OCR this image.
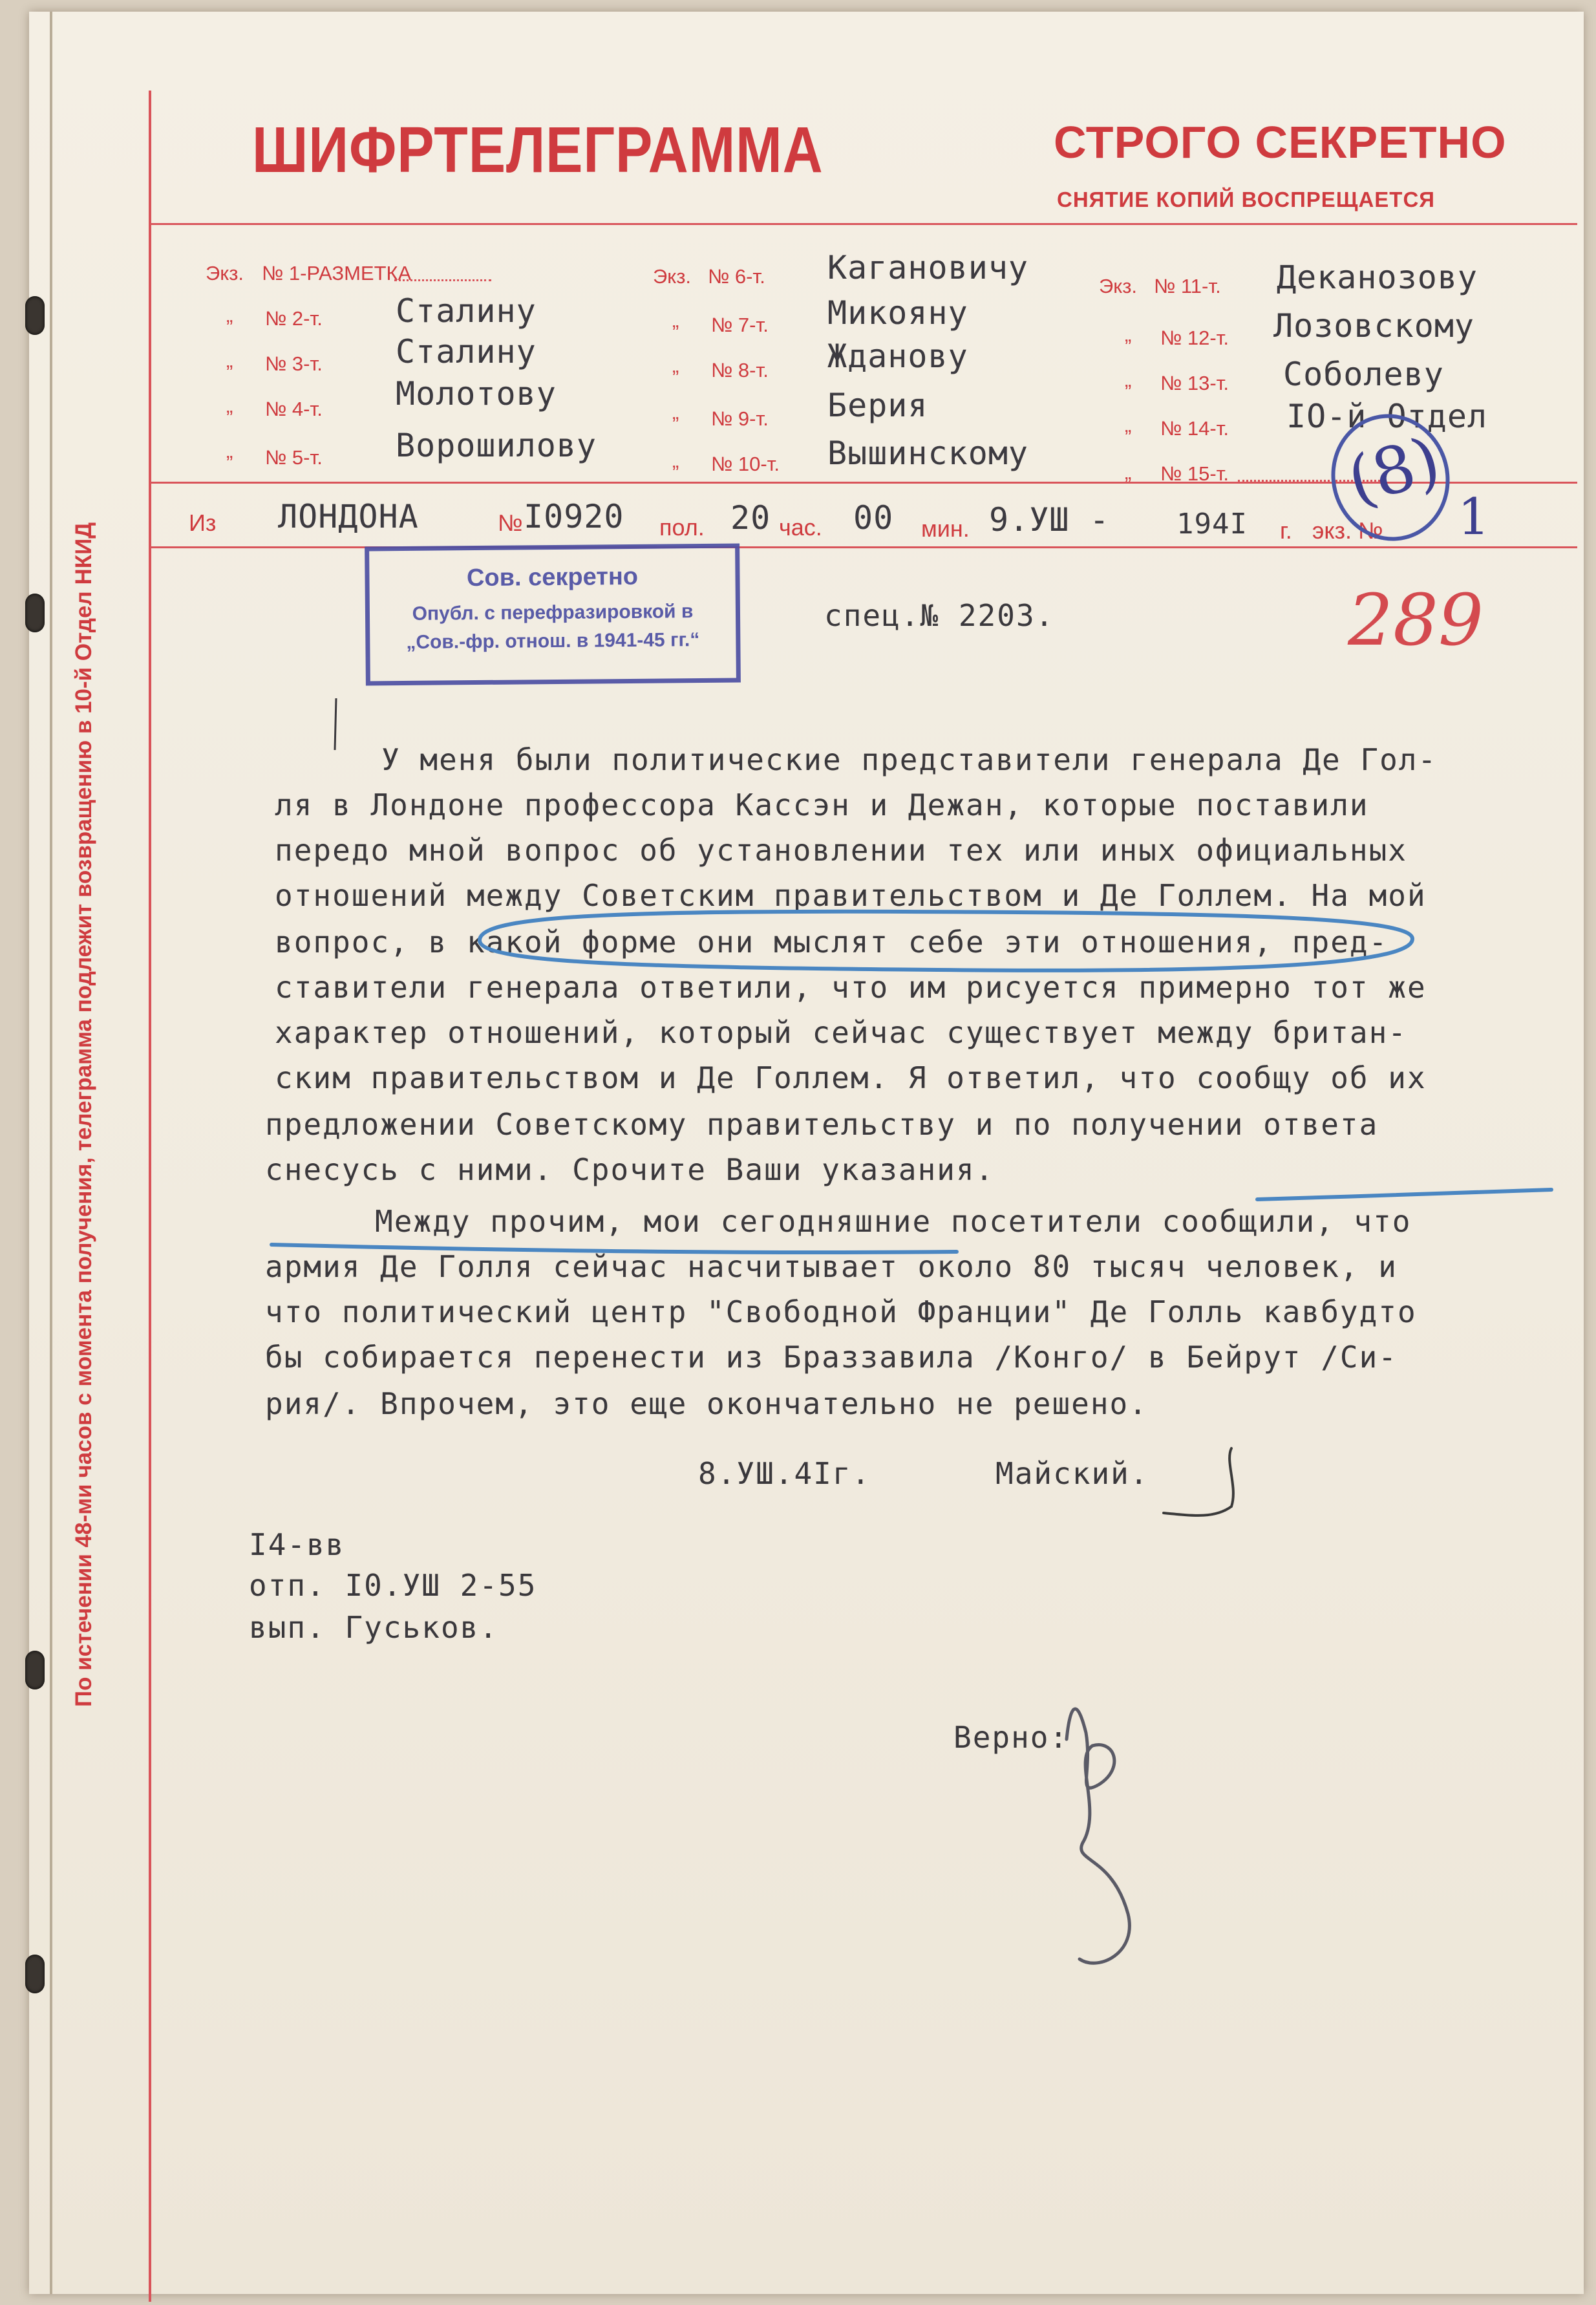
ШИФРТЕЛЕГРАММА	СТРОГО СЕКРЕТНО
СНЯТИЕ КОПИЙ ВОСПРЕЩАЕТСЯ
По истечении 48-ми часов с момента получения, телеграмма подлежит возвращению в 10-й Отдел НКИД
Экз. № 1-РАЗМЕТКА
„ № 2-т. Сталину
„ № 3-т. Сталину
„ № 4-т. Молотову
„ № 5-т. Ворошилову
Экз. № 6-т. Кагановичу
„ № 7-т. Микояну
„ № 8-т. Жданову
„ № 9-т. Берия
„ № 10-т. Вышинскому
Экз. № 11-т. Деканозову
„ № 12-т. Лозовскому
„ № 13-т. Соболеву
„ № 14-т. IO-й Отдел
„ № 15-т.
Из ЛОНДОНА	№ I0920 пол. 20 час. 00 мин. 9.УШ - 194I г. экз. № 1
(8)
Сов. секретно
Опубл. с перефразировкой в
„Сов.-фр. отнош. в 1941-45 гг.“
спец.№ 2203.	289
У меня были политические представители генерала Де Гол-
ля в Лондоне профессора Кассэн и Дежан, которые поставили
передо мной вопрос об установлении тех или иных официальных
отношений между Советским правительством и Де Голлем. На мой
вопрос, в какой форме они мыслят себе эти отношения, пред-
ставители генерала ответили, что им рисуется примерно тот же
характер отношений, который сейчас существует между британ-
ским правительством и Де Голлем. Я ответил, что сообщу об их
предложении Советскому правительству и по получении ответа
снесусь с ними. Срочите Ваши указания.
Между прочим, мои сегодняшние посетители сообщили, что
армия Де Голля сейчас насчитывает около 80 тысяч человек, и
что политический центр "Свободной Франции" Де Голль кавбудто
бы собирается перенести из Браззавила /Конго/ в Бейрут /Си-
рия/. Впрочем, это еще окончательно не решено.
8.УШ.4Iг.	Майский.
I4-вв
отп. I0.УШ 2-55
вып. Гуськов.
Верно:
